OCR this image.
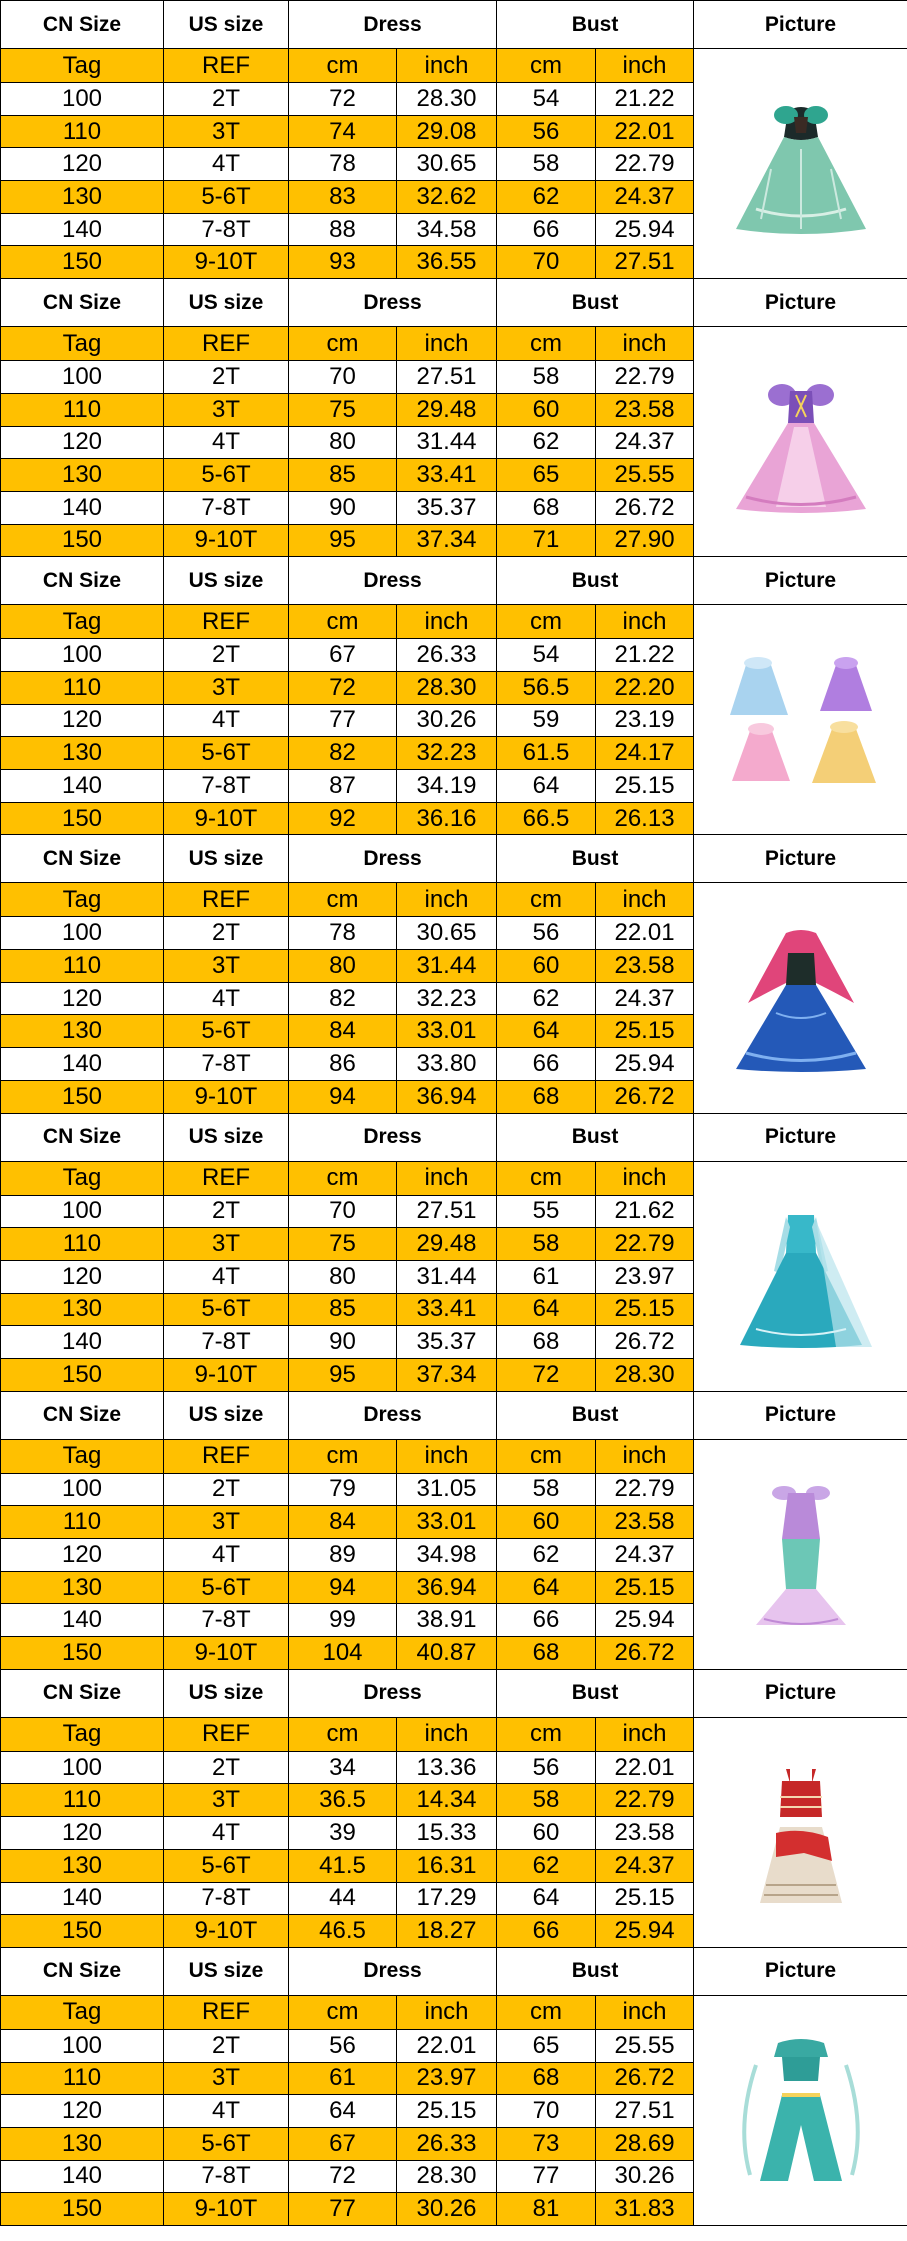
CN Size	US size	Dress		Bust		Picture
Tag	REF	cm	inch	cm	inch	

100	2T	72	28.30	54	21.22	
110	3T	74	29.08	56	22.01	
120	4T	78	30.65	58	22.79	
130	5-6T	83	32.62	62	24.37	
140	7-8T	88	34.58	66	25.94	
150	9-10T	93	36.55	70	27.51	
CN Size	US size	Dress		Bust		Picture
Tag	REF	cm	inch	cm	inch	

100	2T	70	27.51	58	22.79	
110	3T	75	29.48	60	23.58	
120	4T	80	31.44	62	24.37	
130	5-6T	85	33.41	65	25.55	
140	7-8T	90	35.37	68	26.72	
150	9-10T	95	37.34	71	27.90	
CN Size	US size	Dress		Bust		Picture
Tag	REF	cm	inch	cm	inch	

100	2T	67	26.33	54	21.22	
110	3T	72	28.30	56.5	22.20	
120	4T	77	30.26	59	23.19	
130	5-6T	82	32.23	61.5	24.17	
140	7-8T	87	34.19	64	25.15	
150	9-10T	92	36.16	66.5	26.13	
CN Size	US size	Dress		Bust		Picture
Tag	REF	cm	inch	cm	inch	

100	2T	78	30.65	56	22.01	
110	3T	80	31.44	60	23.58	
120	4T	82	32.23	62	24.37	
130	5-6T	84	33.01	64	25.15	
140	7-8T	86	33.80	66	25.94	
150	9-10T	94	36.94	68	26.72	
CN Size	US size	Dress		Bust		Picture
Tag	REF	cm	inch	cm	inch	

100	2T	70	27.51	55	21.62	
110	3T	75	29.48	58	22.79	
120	4T	80	31.44	61	23.97	
130	5-6T	85	33.41	64	25.15	
140	7-8T	90	35.37	68	26.72	
150	9-10T	95	37.34	72	28.30	
CN Size	US size	Dress		Bust		Picture
Tag	REF	cm	inch	cm	inch	

100	2T	79	31.05	58	22.79	
110	3T	84	33.01	60	23.58	
120	4T	89	34.98	62	24.37	
130	5-6T	94	36.94	64	25.15	
140	7-8T	99	38.91	66	25.94	
150	9-10T	104	40.87	68	26.72	
CN Size	US size	Dress		Bust		Picture
Tag	REF	cm	inch	cm	inch	

100	2T	34	13.36	56	22.01	
110	3T	36.5	14.34	58	22.79	
120	4T	39	15.33	60	23.58	
130	5-6T	41.5	16.31	62	24.37	
140	7-8T	44	17.29	64	25.15	
150	9-10T	46.5	18.27	66	25.94	
CN Size	US size	Dress		Bust		Picture
Tag	REF	cm	inch	cm	inch	

100	2T	56	22.01	65	25.55	
110	3T	61	23.97	68	26.72	
120	4T	64	25.15	70	27.51	
130	5-6T	67	26.33	73	28.69	
140	7-8T	72	28.30	77	30.26	
150	9-10T	77	30.26	81	31.83	
